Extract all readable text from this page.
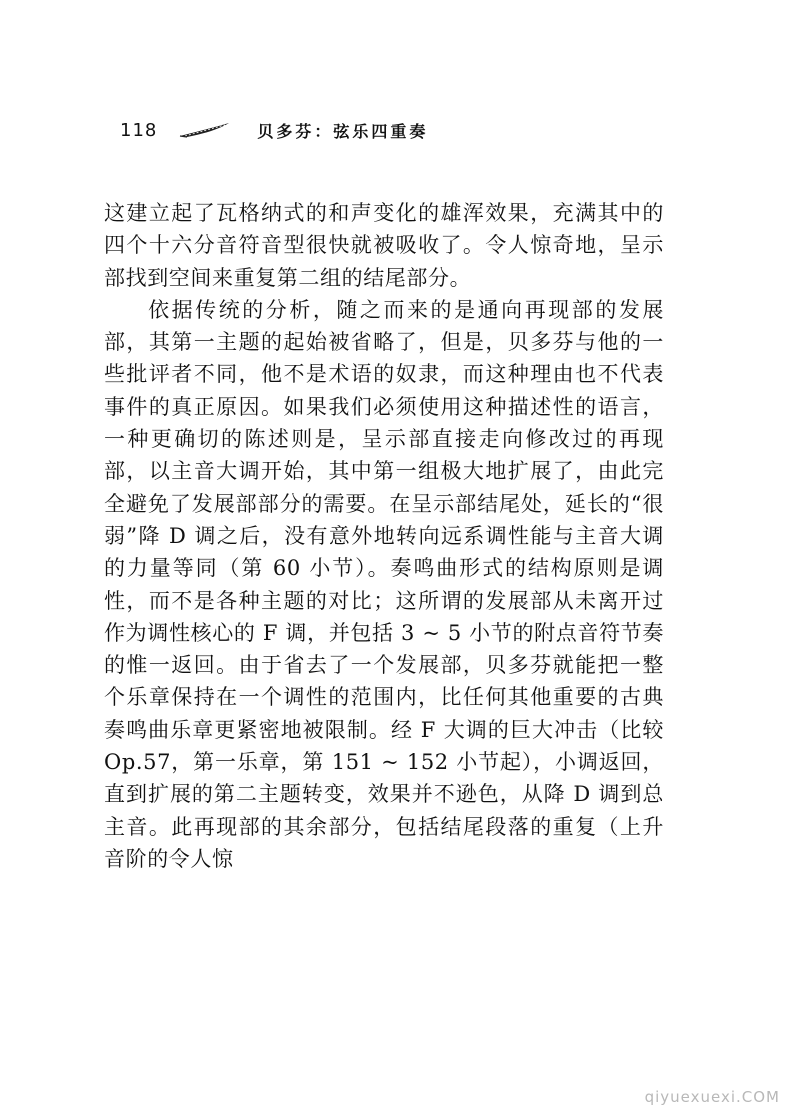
118	贝多芬：弦乐四重奏

这建立起了瓦格纳式的和声变化的雄浑效果，充满其中的四个十六分音符音型很快就被吸收了。令人惊奇地，呈示部找到空间来重复第二组的结尾部分。

依据传统的分析，随之而来的是通向再现部的发展部，其第一主题的起始被省略了，但是，贝多芬与他的一些批评者不同，他不是术语的奴隶，而这种理由也不代表事件的真正原因。如果我们必须使用这种描述性的语言，一种更确切的陈述则是，呈示部直接走向修改过的再现部，以主音大调开始，其中第一组极大地扩展了，由此完全避免了发展部部分的需要。在呈示部结尾处，延长的“很弱”降 D 调之后，没有意外地转向远系调性能与主音大调的力量等同（第 60 小节）。奏鸣曲形式的结构原则是调性，而不是各种主题的对比；这所谓的发展部从未离开过作为调性核心的 F 调，并包括 3 ~ 5 小节的附点音符节奏的惟一返回。由于省去了一个发展部，贝多芬就能把一整个乐章保持在一个调性的范围内，比任何其他重要的古典奏鸣曲乐章更紧密地被限制。经 F 大调的巨大冲击（比较 Op.57，第一乐章，第 151 ~ 152 小节起），小调返回，直到扩展的第二主题转变，效果并不逊色，从降 D 调到总主音。此再现部的其余部分，包括结尾段落的重复（上升音阶的令人惊

qiyuexuexi.COM
